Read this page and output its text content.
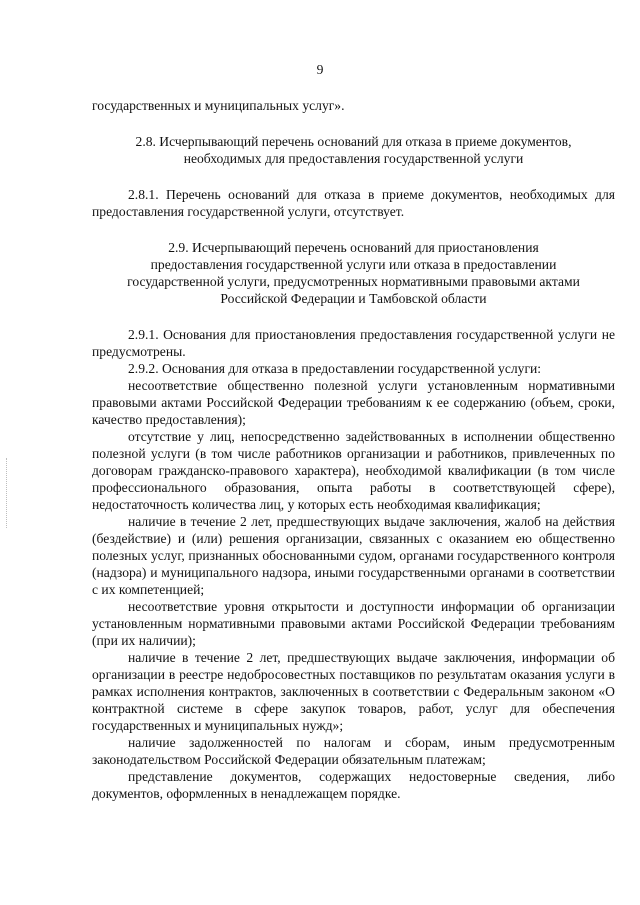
9

государственных и муниципальных услуг».

2.8. Исчерпывающий перечень оснований для отказа в приеме документов,

необходимых для предоставления государственной услуги

2.8.1. Перечень оснований для отказа в приеме документов, необходимых для предоставления государственной услуги, отсутствует.

2.9. Исчерпывающий перечень оснований для приостановления

предоставления государственной услуги или отказа в предоставлении

государственной услуги, предусмотренных нормативными правовыми актами

Российской Федерации и Тамбовской области

2.9.1. Основания для приостановления предоставления государственной услуги не предусмотрены.

2.9.2. Основания для отказа в предоставлении государственной услуги:

несоответствие общественно полезной услуги установленным нормативными правовыми актами Российской Федерации требованиям к ее содержанию (объем, сроки, качество предоставления);

отсутствие у лиц, непосредственно задействованных в исполнении общественно полезной услуги (в том числе работников организации и работников, привлеченных по договорам гражданско-правового характера), необходимой квалификации (в том числе профессионального образования, опыта работы в соответствующей сфере), недостаточность количества лиц, у которых есть необходимая квалификация;

наличие в течение 2 лет, предшествующих выдаче заключения, жалоб на действия (бездействие) и (или) решения организации, связанных с оказанием ею общественно полезных услуг, признанных обоснованными судом, органами государственного контроля (надзора) и муниципального надзора, иными государственными органами в соответствии с их компетенцией;

несоответствие уровня открытости и доступности информации об организации установленным нормативными правовыми актами Российской Федерации требованиям (при их наличии);

наличие в течение 2 лет, предшествующих выдаче заключения, информации об организации в реестре недобросовестных поставщиков по результатам оказания услуги в рамках исполнения контрактов, заключенных в соответствии с Федеральным законом «О контрактной системе в сфере закупок товаров, работ, услуг для обеспечения государственных и муниципальных нужд»;

наличие задолженностей по налогам и сборам, иным предусмотренным законодательством Российской Федерации обязательным платежам;

представление документов, содержащих недостоверные сведения, либо документов, оформленных в ненадлежащем порядке.
